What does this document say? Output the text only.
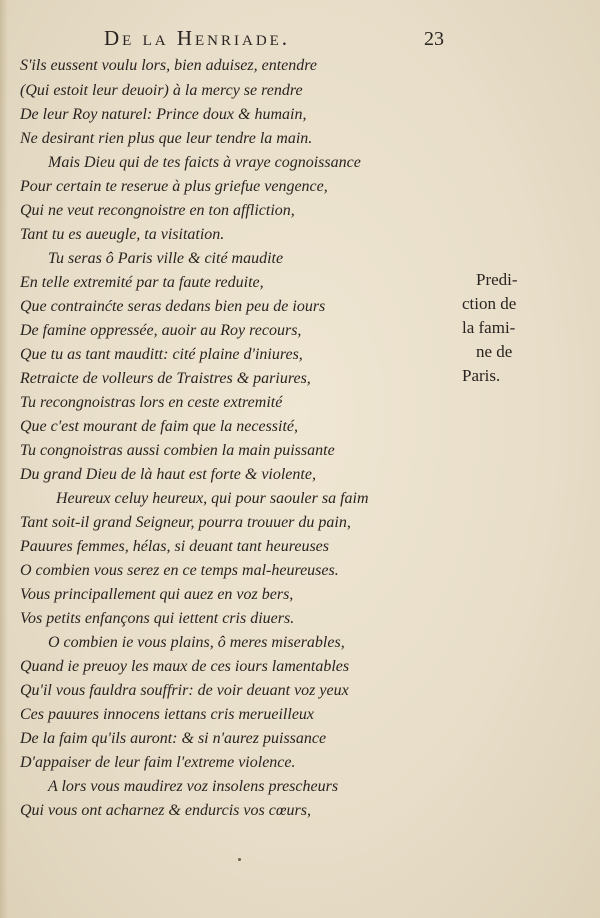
De la Henriade.	23
S'ils eussent voulu lors, bien aduisez, entendre
(Qui estoit leur deuoir) à la mercy se rendre
De leur Roy naturel: Prince doux & humain,
Ne desirant rien plus que leur tendre la main.
Mais Dieu qui de tes faicts à vraye cognoissance
Pour certain te reserue à plus griefue vengence,
Qui ne veut recongnoistre en ton affliction,
Tant tu es aueugle, ta visitation.
Tu seras ô Paris ville & cité maudite
En telle extremité par ta faute reduite,
Que contrainćte seras dedans bien peu de iours
De famine oppressée, auoir au Roy recours,
Que tu as tant mauditt: cité plaine d'iniures,
Retraicte de volleurs de Traistres & pariures,
Tu recongnoistras lors en ceste extremité
Que c'est mourant de faim que la necessité,
Tu congnoistras aussi combien la main puissante
Du grand Dieu de là haut est forte & violente,
Heureux celuy heureux, qui pour saouler sa faim
Tant soit-il grand Seigneur, pourra trouuer du pain,
Pauures femmes, hélas, si deuant tant heureuses
O combien vous serez en ce temps mal-heureuses.
Vous principallement qui auez en voz bers,
Vos petits enfançons qui iettent cris diuers.
O combien ie vous plains, ô meres miserables,
Quand ie preuoy les maux de ces iours lamentables
Qu'il vous fauldra souffrir: de voir deuant voz yeux
Ces pauures innocens iettans cris merueilleux
De la faim qu'ils auront: & si n'aurez puissance
D'appaiser de leur faim l'extreme violence.
A lors vous maudirez voz insolens prescheurs
Qui vous ont acharnez & endurcis vos cœurs,
Predi-
ction de
la fami-
ne de
Paris.
